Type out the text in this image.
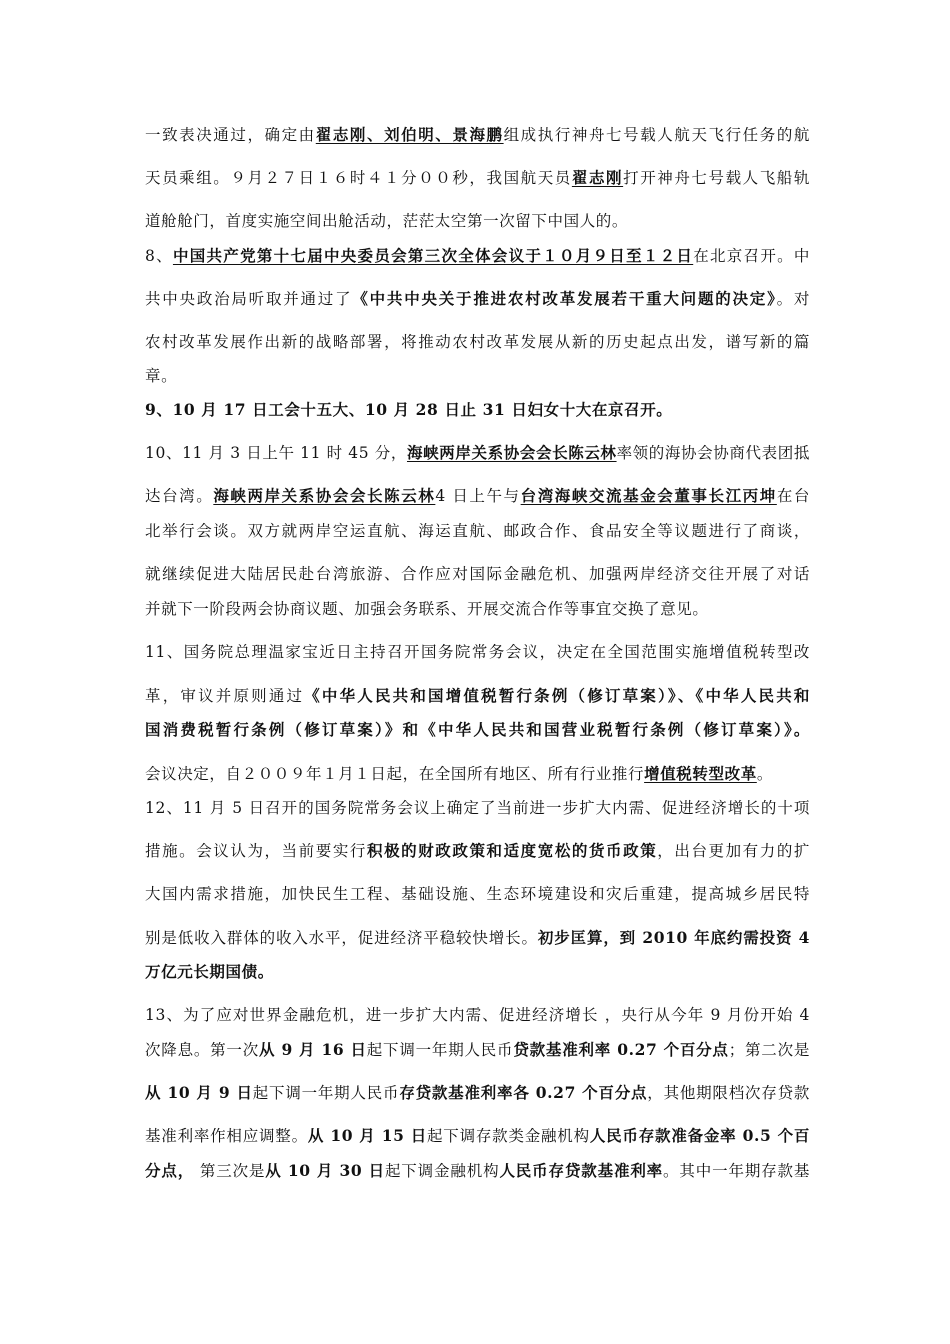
一致表决通过，确定由翟志刚、刘伯明、景海鹏组成执行神舟七号载人航天飞行任务的航
天员乘组。９月２７日１６时４１分００秒，我国航天员翟志刚打开神舟七号载人飞船轨
道舱舱门，首度实施空间出舱活动，茫茫太空第一次留下中国人的。
8、中国共产党第十七届中央委员会第三次全体会议于１０月９日至１２日在北京召开。中
共中央政治局听取并通过了《中共中央关于推进农村改革发展若干重大问题的决定》。对
农村改革发展作出新的战略部署，将推动农村改革发展从新的历史起点出发，谱写新的篇
章。
9、10 月 17 日工会十五大、10 月 28 日止 31 日妇女十大在京召开。
10、11 月 3 日上午 11 时 45 分，海峡两岸关系协会会长陈云林率领的海协会协商代表团抵
达台湾。海峡两岸关系协会会长陈云林4 日上午与台湾海峡交流基金会董事长江丙坤在台
北举行会谈。双方就两岸空运直航、海运直航、邮政合作、食品安全等议题进行了商谈，
就继续促进大陆居民赴台湾旅游、合作应对国际金融危机、加强两岸经济交往开展了对话
并就下一阶段两会协商议题、加强会务联系、开展交流合作等事宜交换了意见。
11、国务院总理温家宝近日主持召开国务院常务会议，决定在全国范围实施增值税转型改
革，审议并原则通过《中华人民共和国增值税暂行条例（修订草案）》、《中华人民共和
国消费税暂行条例（修订草案）》和《中华人民共和国营业税暂行条例（修订草案）》。
会议决定，自２００９年１月１日起，在全国所有地区、所有行业推行增值税转型改革。
12、11 月 5 日召开的国务院常务会议上确定了当前进一步扩大内需、促进经济增长的十项
措施。会议认为，当前要实行积极的财政政策和适度宽松的货币政策，出台更加有力的扩
大国内需求措施，加快民生工程、基础设施、生态环境建设和灾后重建，提高城乡居民特
别是低收入群体的收入水平，促进经济平稳较快增长。初步匡算，到 2010 年底约需投资 4
万亿元长期国债。
13、为了应对世界金融危机，进一步扩大内需、促进经济增长 ，央行从今年 9 月份开始 4
次降息。第一次从 9 月 16 日起下调一年期人民币贷款基准利率 0.27 个百分点；第二次是
从 10 月 9 日起下调一年期人民币存贷款基准利率各 0.27 个百分点，其他期限档次存贷款
基准利率作相应调整。从 10 月 15 日起下调存款类金融机构人民币存款准备金率 0.5 个百
分点， 第三次是从 10 月 30 日起下调金融机构人民币存贷款基准利率。其中一年期存款基
